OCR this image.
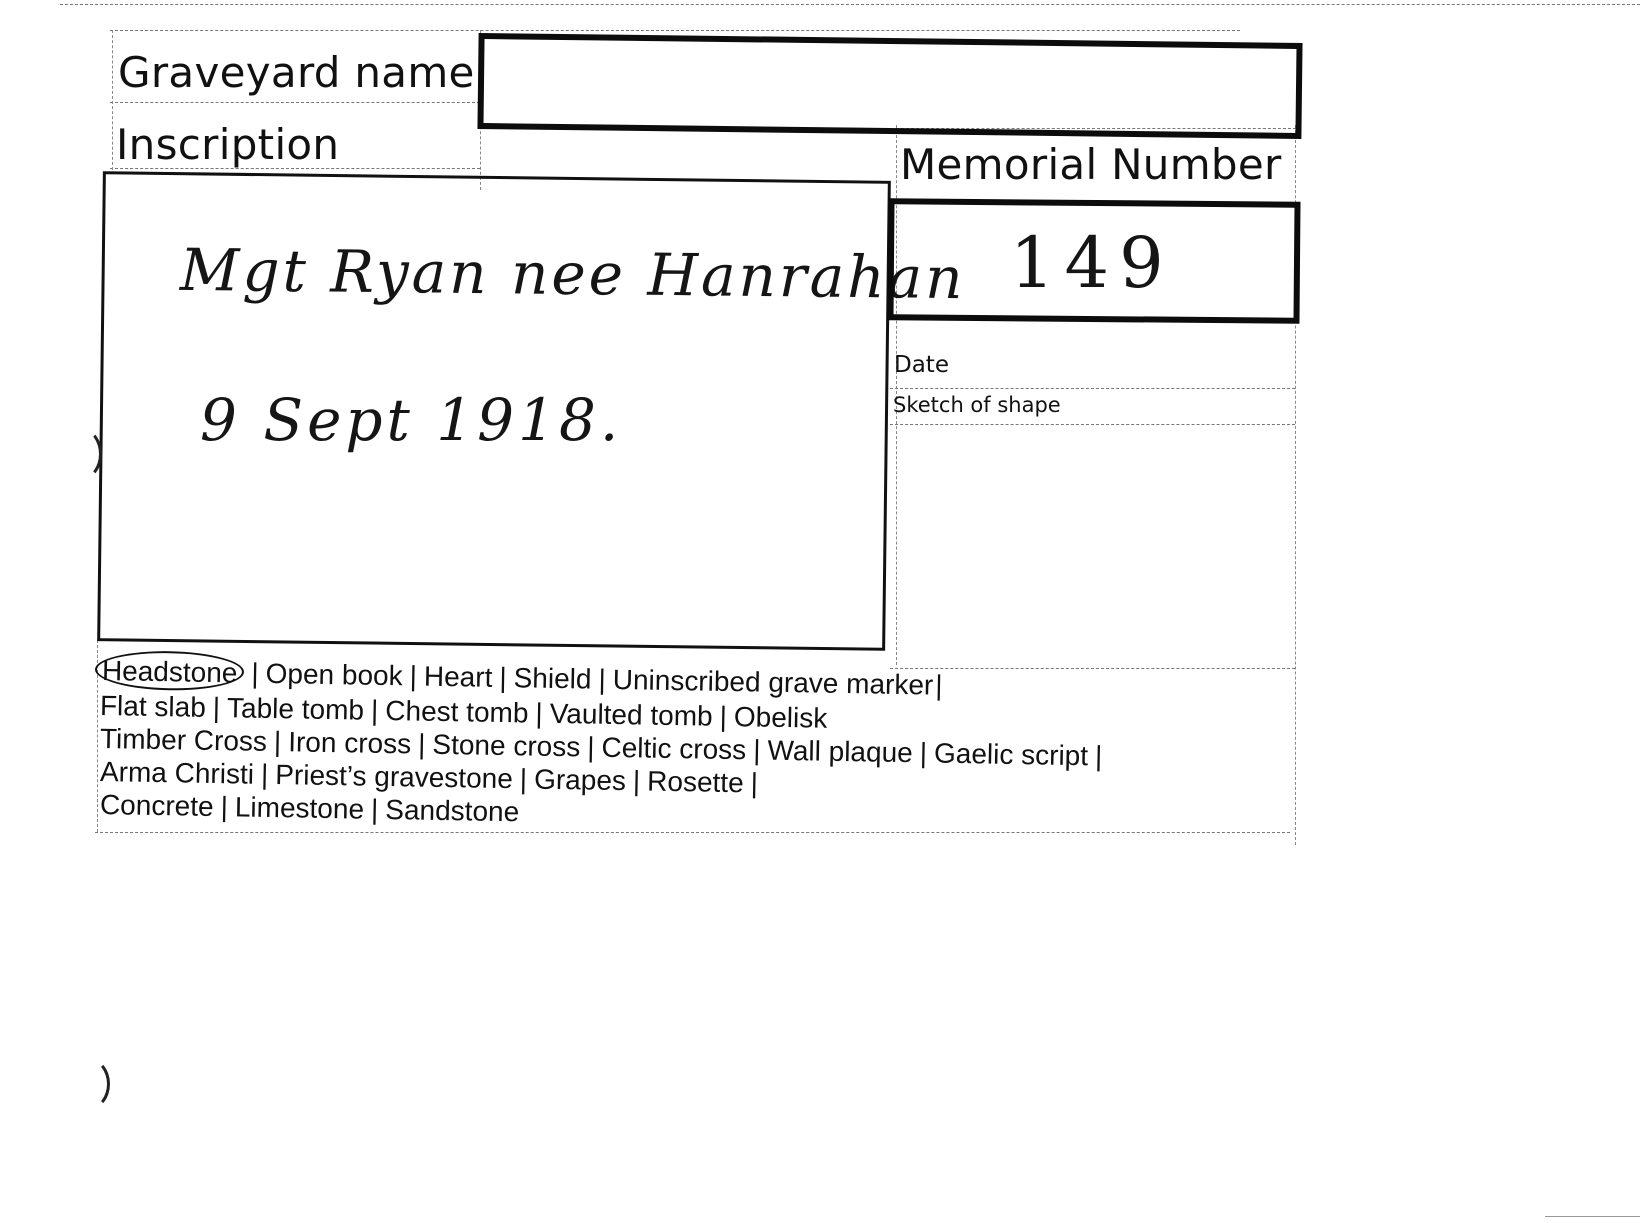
Graveyard name
Inscription
Mgt Ryan nee Hanrahan
9 Sept 1918.
Memorial Number
149
Date
Sketch of shape
Headstone | Open book | Heart | Shield | Uninscribed grave marker |
Flat slab | Table tomb | Chest tomb | Vaulted tomb | Obelisk
Timber Cross | Iron cross | Stone cross | Celtic cross | Wall plaque | Gaelic script |
Arma Christi | Priest’s gravestone | Grapes | Rosette |
Concrete | Limestone | Sandstone
